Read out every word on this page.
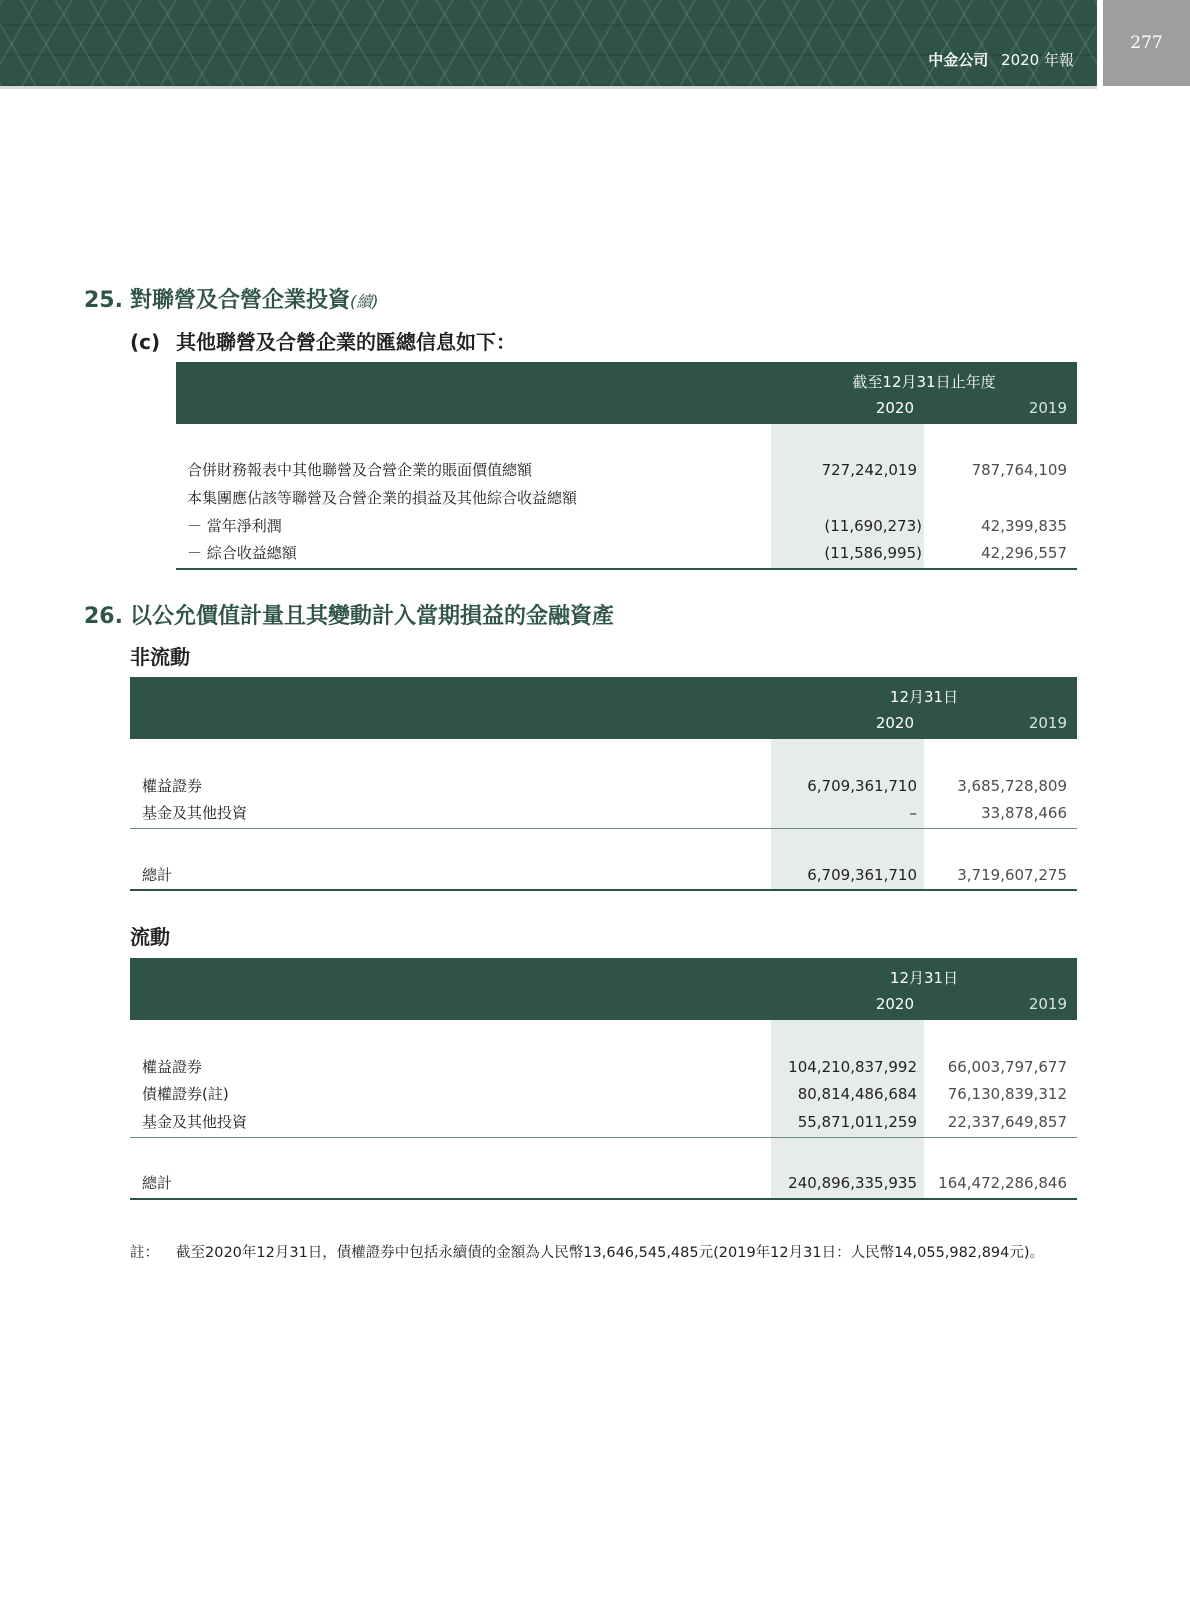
中金公司 2020 年報
277
25. 對聯營及合營企業投資(續)
(c) 其他聯營及合營企業的匯總信息如下：
截至12月31日止年度
2020	2019
合併財務報表中其他聯營及合營企業的賬面價值總額	727,242,019	787,764,109
本集團應佔該等聯營及合營企業的損益及其他綜合收益總額
－ 當年淨利潤	(11,690,273)	42,399,835
－ 綜合收益總額	(11,586,995)	42,296,557
26. 以公允價值計量且其變動計入當期損益的金融資產
非流動
12月31日
2020	2019
權益證券	6,709,361,710	3,685,728,809
基金及其他投資	–	33,878,466
總計	6,709,361,710	3,719,607,275
流動
12月31日
2020	2019
權益證券	104,210,837,992 66,003,797,677
債權證券(註)	80,814,486,684 76,130,839,312
基金及其他投資	55,871,011,259 22,337,649,857
總計	240,896,335,935 164,472,286,846
註：	截至2020年12月31日，債權證券中包括永續債的金額為人民幣13,646,545,485元(2019年12月31日：人民幣14,055,982,894元)。
